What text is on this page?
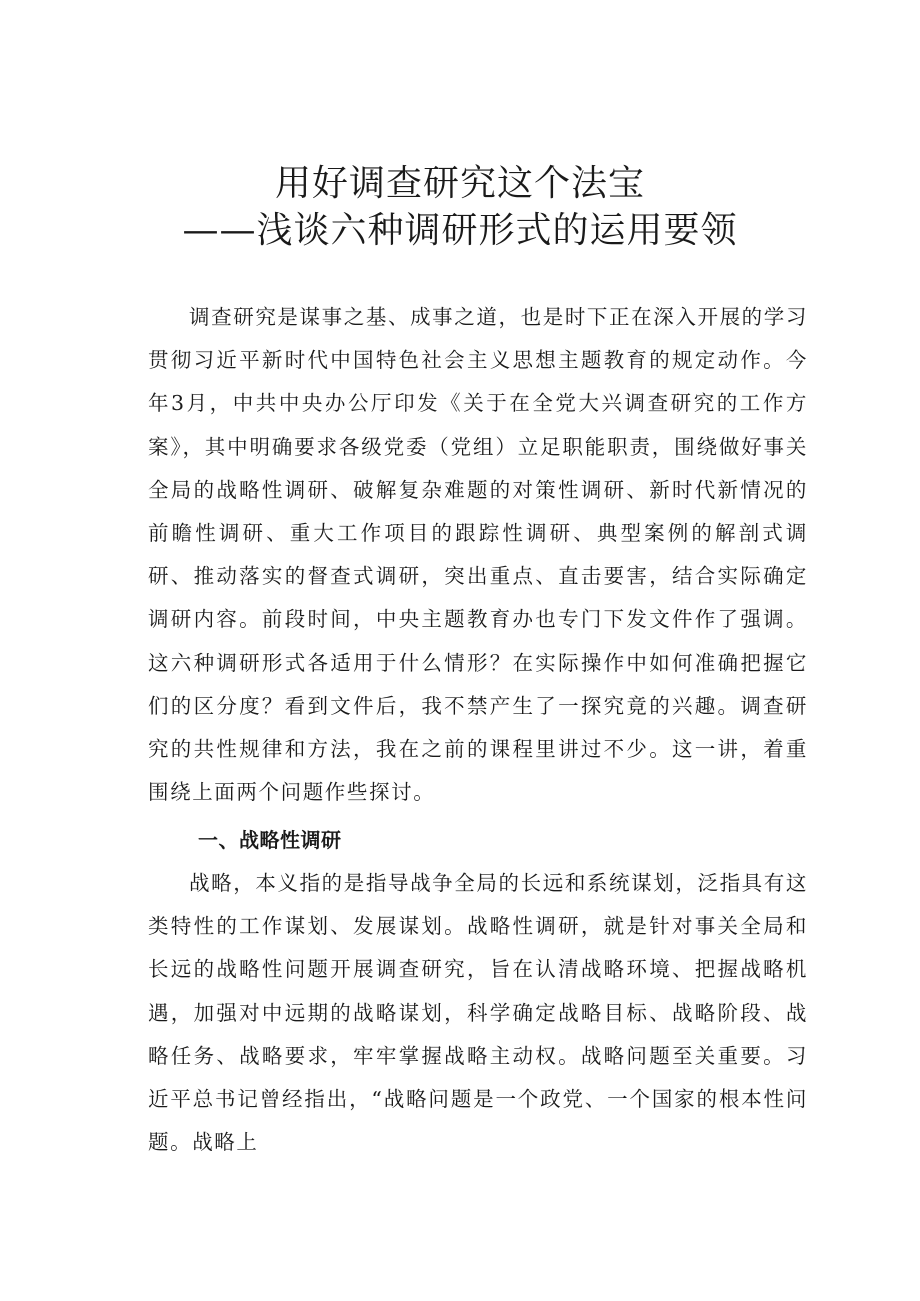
用好调查研究这个法宝
——浅谈六种调研形式的运用要领

调查研究是谋事之基、成事之道，也是时下正在深入开展的学习贯彻习近平新时代中国特色社会主义思想主题教育的规定动作。今年3月，中共中央办公厅印发《关于在全党大兴调查研究的工作方案》，其中明确要求各级党委（党组）立足职能职责，围绕做好事关全局的战略性调研、破解复杂难题的对策性调研、新时代新情况的前瞻性调研、重大工作项目的跟踪性调研、典型案例的解剖式调研、推动落实的督查式调研，突出重点、直击要害，结合实际确定调研内容。前段时间，中央主题教育办也专门下发文件作了强调。这六种调研形式各适用于什么情形？在实际操作中如何准确把握它们的区分度？看到文件后，我不禁产生了一探究竟的兴趣。调查研究的共性规律和方法，我在之前的课程里讲过不少。这一讲，着重围绕上面两个问题作些探讨。

一、战略性调研

战略，本义指的是指导战争全局的长远和系统谋划，泛指具有这类特性的工作谋划、发展谋划。战略性调研，就是针对事关全局和长远的战略性问题开展调查研究，旨在认清战略环境、把握战略机遇，加强对中远期的战略谋划，科学确定战略目标、战略阶段、战略任务、战略要求，牢牢掌握战略主动权。战略问题至关重要。习近平总书记曾经指出，“战略问题是一个政党、一个国家的根本性问题。战略上
